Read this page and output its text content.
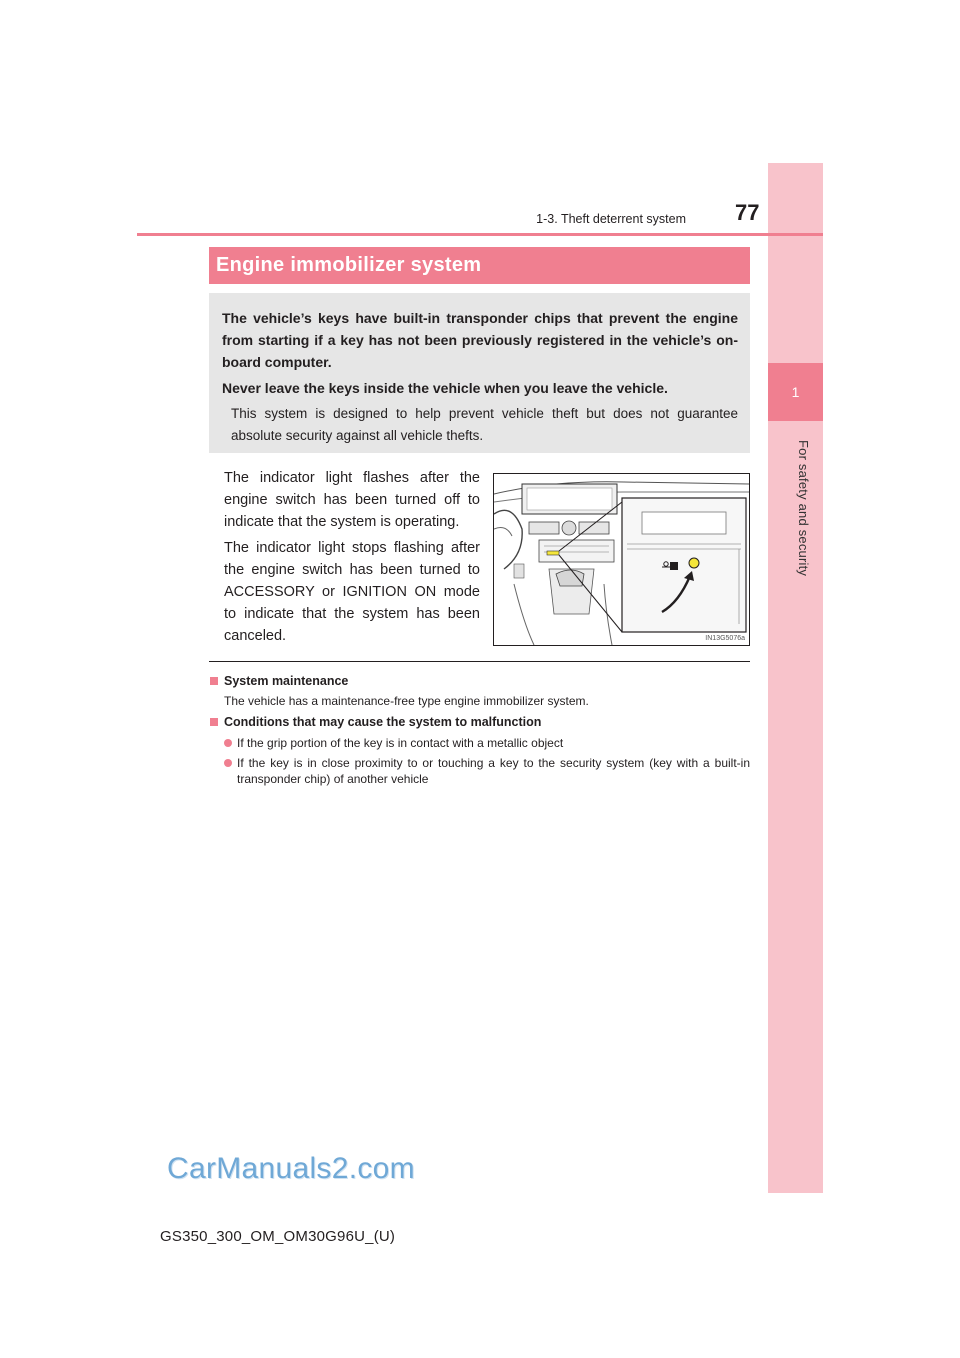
1
For safety and security
1-3. Theft deterrent system 77
Engine immobilizer system

The vehicle’s keys have built-in transponder chips that prevent the engine from starting if a key has not been previously registered in the vehicle’s on-board computer.

Never leave the keys inside the vehicle when you leave the vehicle.

This system is designed to help prevent vehicle theft but does not guarantee absolute security against all vehicle thefts.

The indicator light flashes after the engine switch has been turned off to indicate that the system is operating.

The indicator light stops flashing after the engine switch has been turned to ACCESSORY or IGNITION ON mode to indicate that the system has been canceled.	IN13G5076a

System maintenance

The vehicle has a maintenance-free type engine immobilizer system.

Conditions that may cause the system to malfunction

If the grip portion of the key is in contact with a metallic object
If the key is in close proximity to or touching a key to the security system (key with a built-in transponder chip) of another vehicle
CarManuals2.com
GS350_300_OM_OM30G96U_(U)
